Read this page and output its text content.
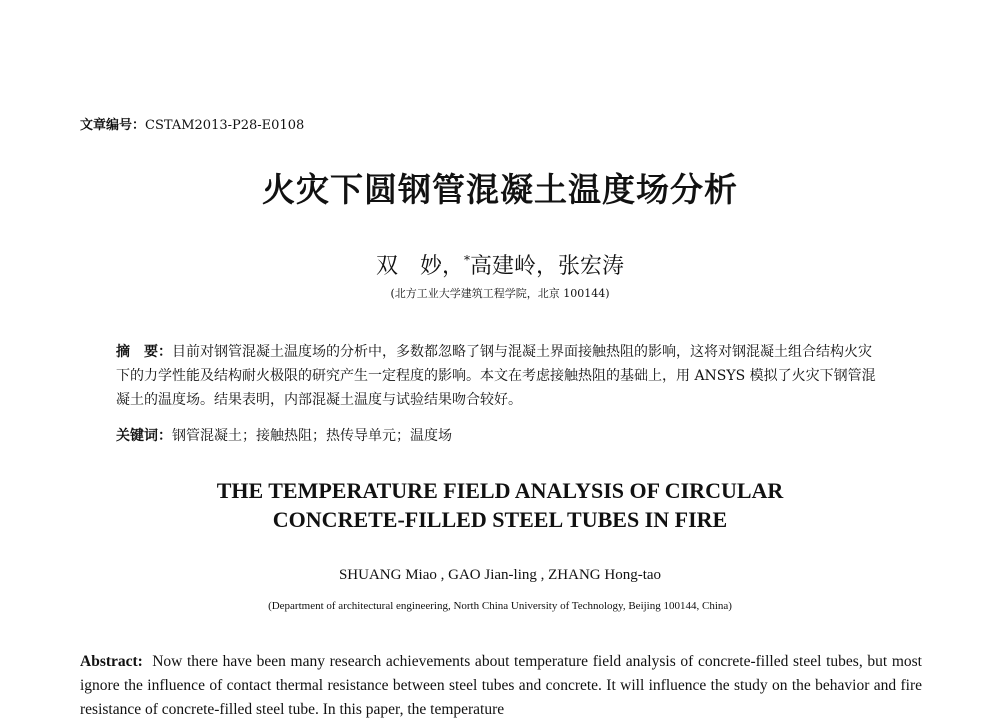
文章编号：CSTAM2013-P28-E0108
火灾下圆钢管混凝土温度场分析
双　妙，*高建岭，张宏涛
(北方工业大学建筑工程学院，北京 100144)
摘　要：目前对钢管混凝土温度场的分析中，多数都忽略了钢与混凝土界面接触热阻的影响，这将对钢混凝土组合结构火灾下的力学性能及结构耐火极限的研究产生一定程度的影响。本文在考虑接触热阻的基础上，用 ANSYS 模拟了火灾下钢管混凝土的温度场。结果表明，内部混凝土温度与试验结果吻合较好。
关键词：钢管混凝土；接触热阻；热传导单元；温度场
THE TEMPERATURE FIELD ANALYSIS OF CIRCULAR
CONCRETE-FILLED STEEL TUBES IN FIRE
SHUANG Miao , GAO Jian-ling , ZHANG Hong-tao
(Department of architectural engineering, North China University of Technology, Beijing 100144, China)
Abstract: Now there have been many research achievements about temperature field analysis of concrete-filled steel tubes, but most ignore the influence of contact thermal resistance between steel tubes and concrete. It will influence the study on the behavior and fire resistance of concrete-filled steel tube. In this paper, the temperature
